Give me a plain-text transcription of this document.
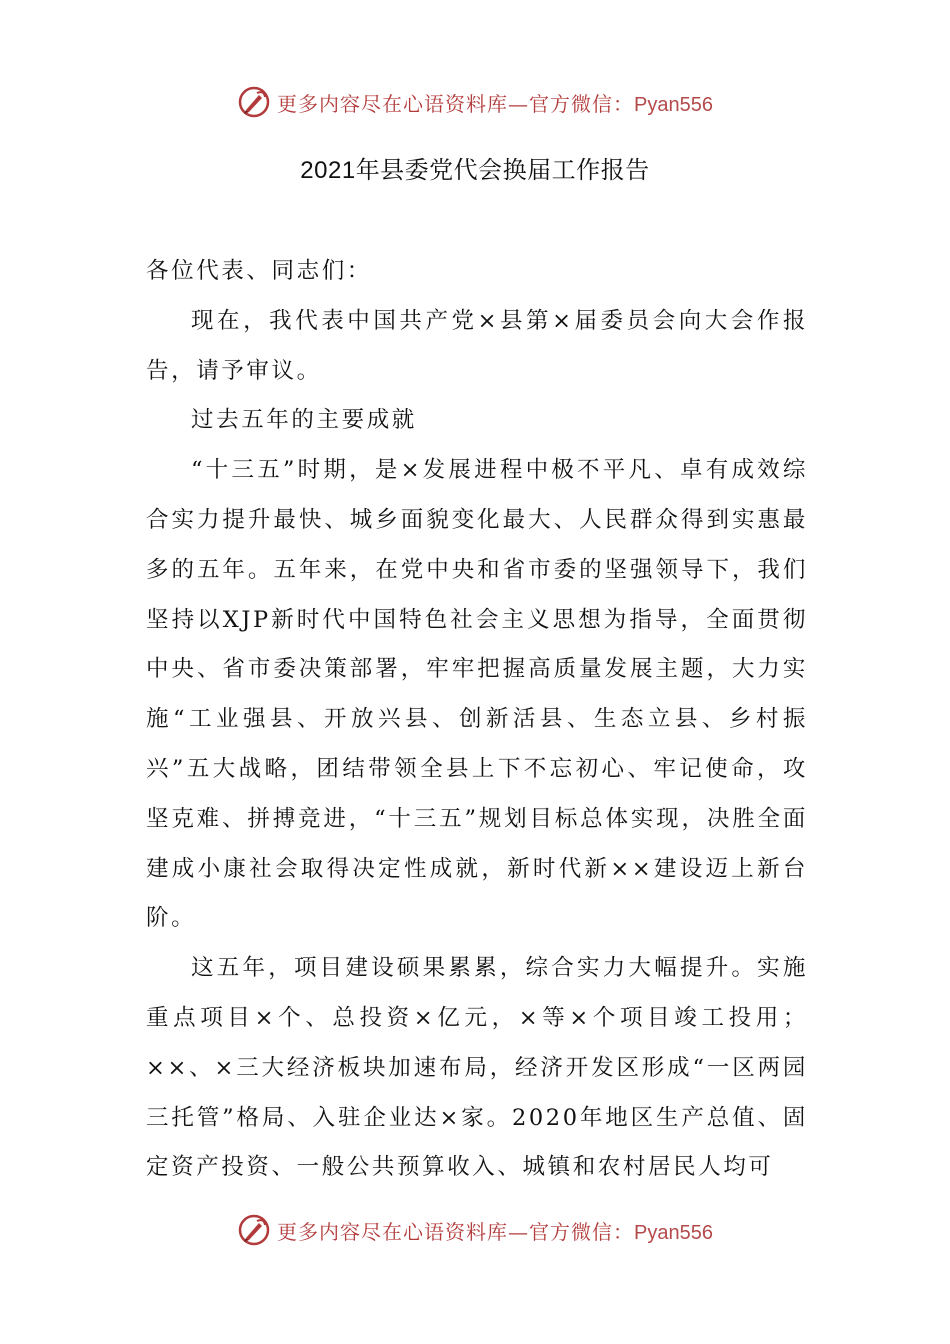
更多内容尽在心语资料库—官方微信：Pyan556
2021年县委党代会换届工作报告

各位代表、同志们：

现在，我代表中国共产党×县第×届委员会向大会作报告，请予审议。

过去五年的主要成就

“十三五”时期，是×发展进程中极不平凡、卓有成效综合实力提升最快、城乡面貌变化最大、人民群众得到实惠最多的五年。五年来，在党中央和省市委的坚强领导下，我们坚持以XJP新时代中国特色社会主义思想为指导，全面贯彻中央、省市委决策部署，牢牢把握高质量发展主题，大力实施“工业强县、开放兴县、创新活县、生态立县、乡村振兴”五大战略，团结带领全县上下不忘初心、牢记使命，攻坚克难、拼搏竞进，“十三五”规划目标总体实现，决胜全面建成小康社会取得决定性成就，新时代新××建设迈上新台阶。

这五年，项目建设硕果累累，综合实力大幅提升。实施重点项目×个、总投资×亿元，×等×个项目竣工投用；××、×三大经济板块加速布局，经济开发区形成“一区两园三托管”格局、入驻企业达×家。2020年地区生产总值、固定资产投资、一般公共预算收入、城镇和农村居民人均可

更多内容尽在心语资料库—官方微信：Pyan556
